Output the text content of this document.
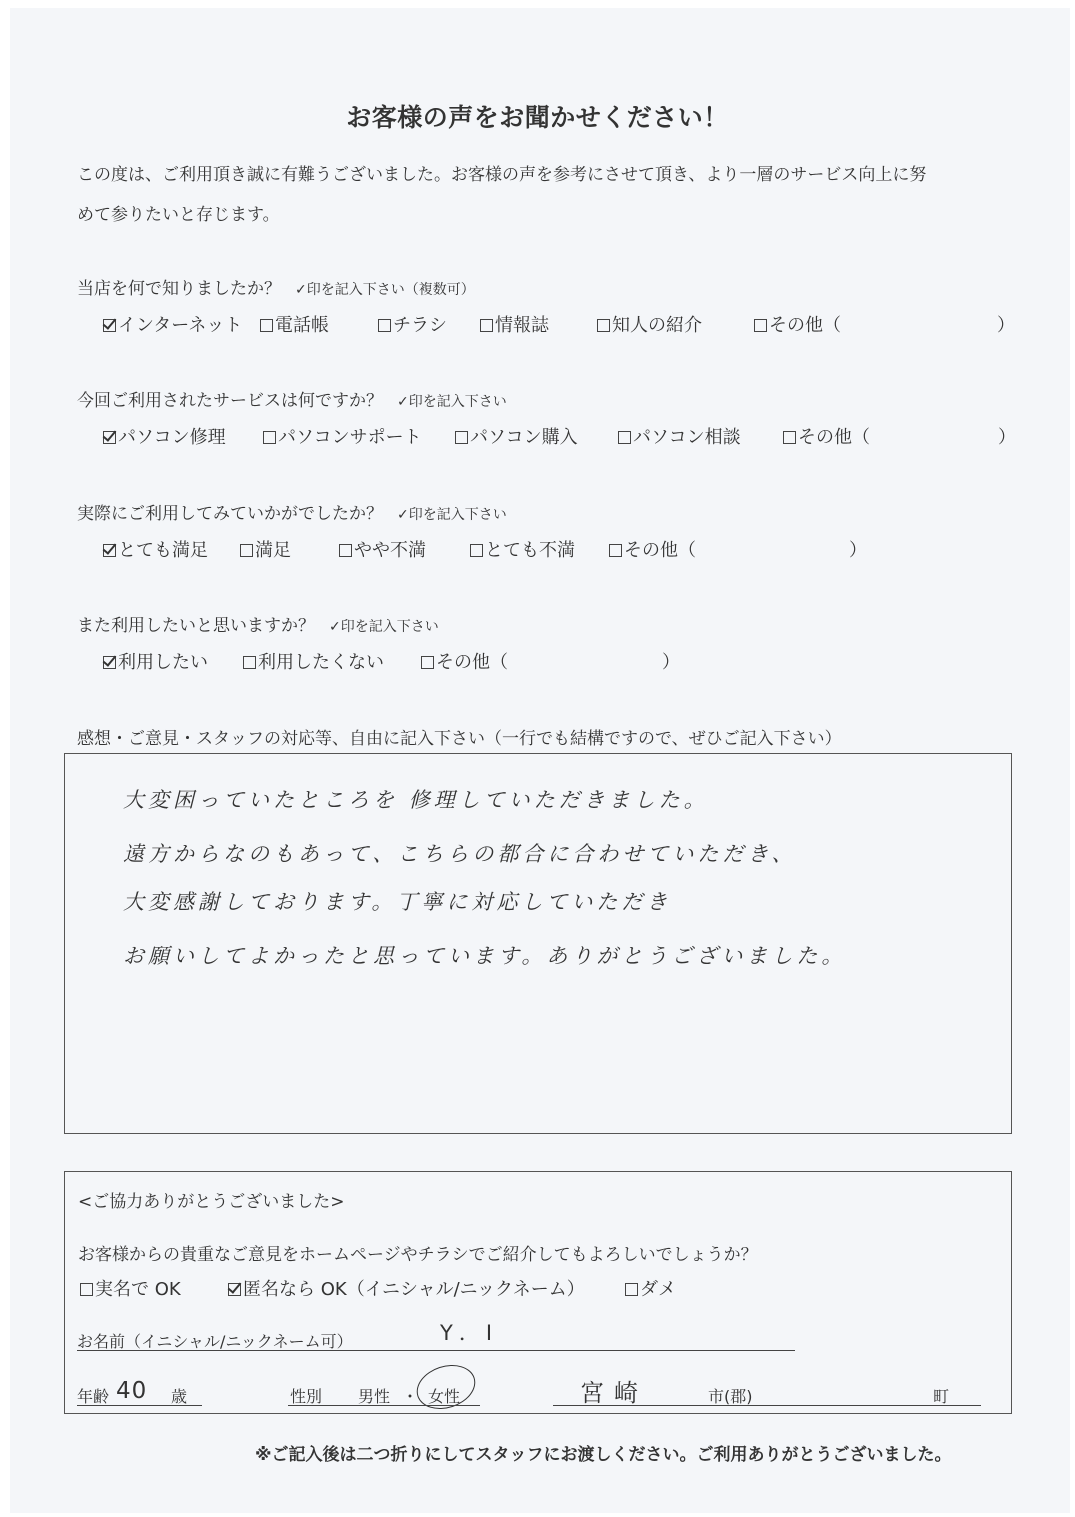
お客様の声をお聞かせください！
この度は、ご利用頂き誠に有難うございました。お客様の声を参考にさせて頂き、より一層のサービス向上に努
めて参りたいと存じます。
当店を何で知りましたか？ ✓印を記入下さい（複数可）
インターネット 電話帳	チラシ	情報誌	知人の紹介	その他（	）
今回ご利用されたサービスは何ですか？ ✓印を記入下さい
パソコン修理	パソコンサポート	パソコン購入	パソコン相談	その他（	）
実際にご利用してみていかがでしたか？ ✓印を記入下さい
とても満足	満足	やや不満	とても不満	その他（	）
また利用したいと思いますか？ ✓印を記入下さい
利用したい	利用したくない	その他（	）
感想・ご意見・スタッフの対応等、自由に記入下さい（一行でも結構ですので、ぜひご記入下さい）
大変困っていたところを 修理していただきました。
遠方からなのもあって、こちらの都合に合わせていただき、
大変感謝しております。丁寧に対応していただき
お願いしてよかったと思っています。ありがとうございました。
<ご協力ありがとうございました>
お客様からの貴重なご意見をホームページやチラシでご紹介してもよろしいでしょうか？
実名で OK	匿名なら OK（イニシャル/ニックネーム）	ダメ
お名前（イニシャル/ニックネーム可）	Y．I
年齢 40 歳	性別 男性 ・ 女性	宮崎	市(郡)	町
※ご記入後は二つ折りにしてスタッフにお渡しください。ご利用ありがとうございました。
